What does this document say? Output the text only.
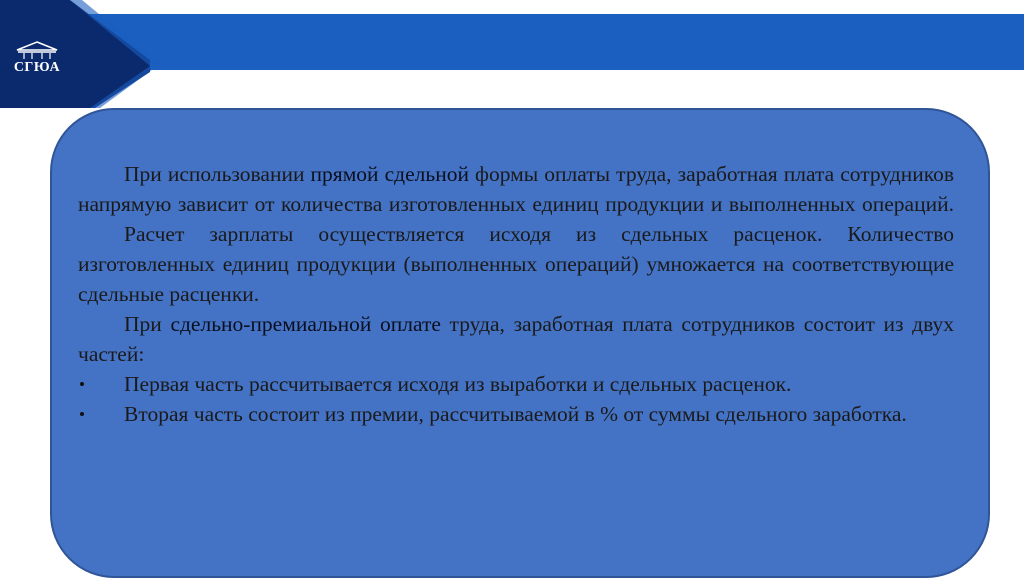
СГЮА

При использовании прямой сдельной формы оплаты труда, заработная плата сотрудников напрямую зависит от количества изготовленных единиц продукции и выполненных операций.

Расчет зарплаты осуществляется исходя из сдельных расценок. Количество изготовленных единиц продукции (выполненных операций) умножается на соответствующие сдельные расценки.

При сдельно-премиальной оплате труда, заработная плата сотрудников состоит из двух частей:

Первая часть рассчитывается исходя из выработки и сдельных расценок.

Вторая часть состоит из премии, рассчитываемой в % от суммы сдельного заработка.
